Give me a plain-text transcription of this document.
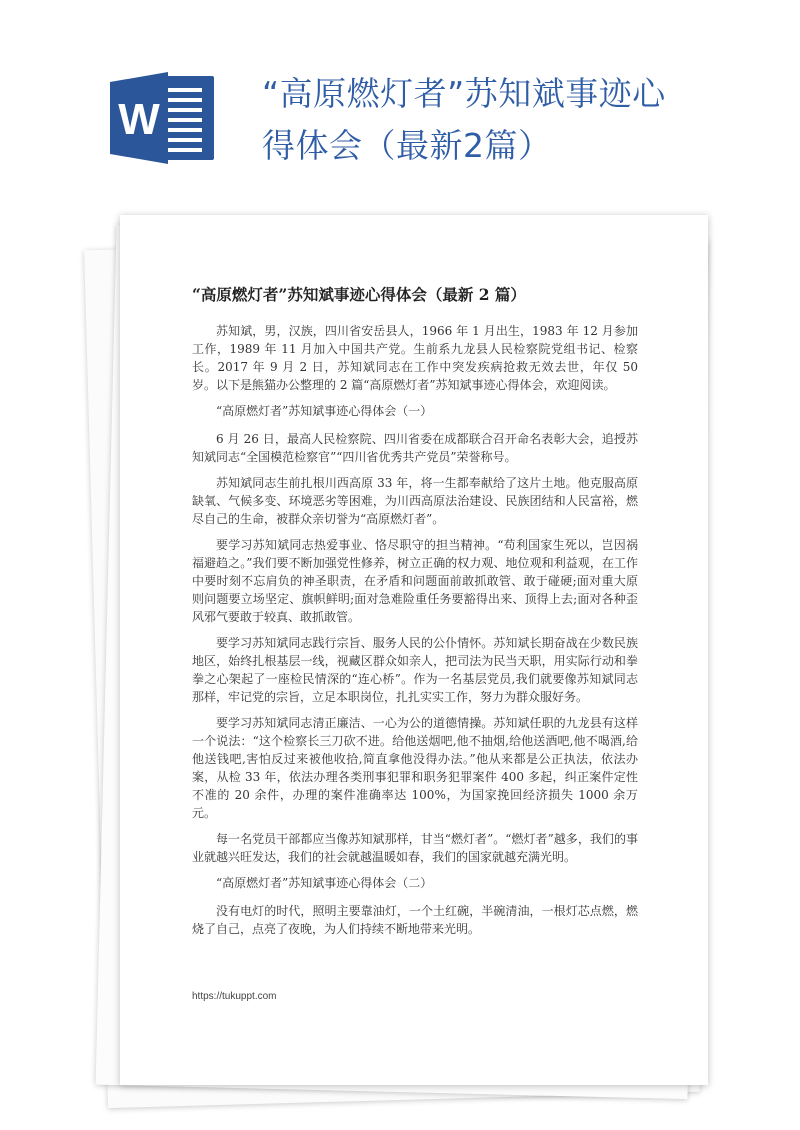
W
“高原燃灯者”苏知斌事迹心
得体会（最新2篇）
“高原燃灯者”苏知斌事迹心得体会（最新 2 篇）

苏知斌，男，汉族，四川省安岳县人，1966 年 1 月出生，1983 年 12 月参加工作，1989 年 11 月加入中国共产党。生前系九龙县人民检察院党组书记、检察长。2017 年 9 月 2 日，苏知斌同志在工作中突发疾病抢救无效去世，年仅 50 岁。以下是熊猫办公整理的 2 篇“高原燃灯者”苏知斌事迹心得体会，欢迎阅读。

“高原燃灯者”苏知斌事迹心得体会（一）

6 月 26 日，最高人民检察院、四川省委在成都联合召开命名表彰大会，追授苏知斌同志“全国模范检察官”“四川省优秀共产党员”荣誉称号。

苏知斌同志生前扎根川西高原 33 年，将一生都奉献给了这片土地。他克服高原缺氧、气候多变、环境恶劣等困难，为川西高原法治建设、民族团结和人民富裕，燃尽自己的生命，被群众亲切誉为“高原燃灯者”。

要学习苏知斌同志热爱事业、恪尽职守的担当精神。“苟利国家生死以，岂因祸福避趋之。”我们要不断加强党性修养，树立正确的权力观、地位观和利益观，在工作中要时刻不忘肩负的神圣职责，在矛盾和问题面前敢抓敢管、敢于碰硬;面对重大原则问题要立场坚定、旗帜鲜明;面对急难险重任务要豁得出来、顶得上去;面对各种歪风邪气要敢于较真、敢抓敢管。

要学习苏知斌同志践行宗旨、服务人民的公仆情怀。苏知斌长期奋战在少数民族地区，始终扎根基层一线，视藏区群众如亲人，把司法为民当天职，用实际行动和拳拳之心架起了一座检民情深的“连心桥”。作为一名基层党员,我们就要像苏知斌同志那样，牢记党的宗旨，立足本职岗位，扎扎实实工作，努力为群众服好务。

要学习苏知斌同志清正廉洁、一心为公的道德情操。苏知斌任职的九龙县有这样一个说法：“这个检察长三刀砍不进。给他送烟吧,他不抽烟,给他送酒吧,他不喝酒,给他送钱吧,害怕反过来被他收拾,简直拿他没得办法。”他从来都是公正执法，依法办案，从检 33 年，依法办理各类刑事犯罪和职务犯罪案件 400 多起，纠正案件定性不准的 20 余件，办理的案件准确率达 100%，为国家挽回经济损失 1000 余万元。

每一名党员干部都应当像苏知斌那样，甘当“燃灯者”。“燃灯者”越多，我们的事业就越兴旺发达，我们的社会就越温暖如春，我们的国家就越充满光明。

“高原燃灯者”苏知斌事迹心得体会（二）

没有电灯的时代，照明主要靠油灯，一个土红碗，半碗清油，一根灯芯点燃，燃烧了自己，点亮了夜晚，为人们持续不断地带来光明。

https://tukuppt.com
